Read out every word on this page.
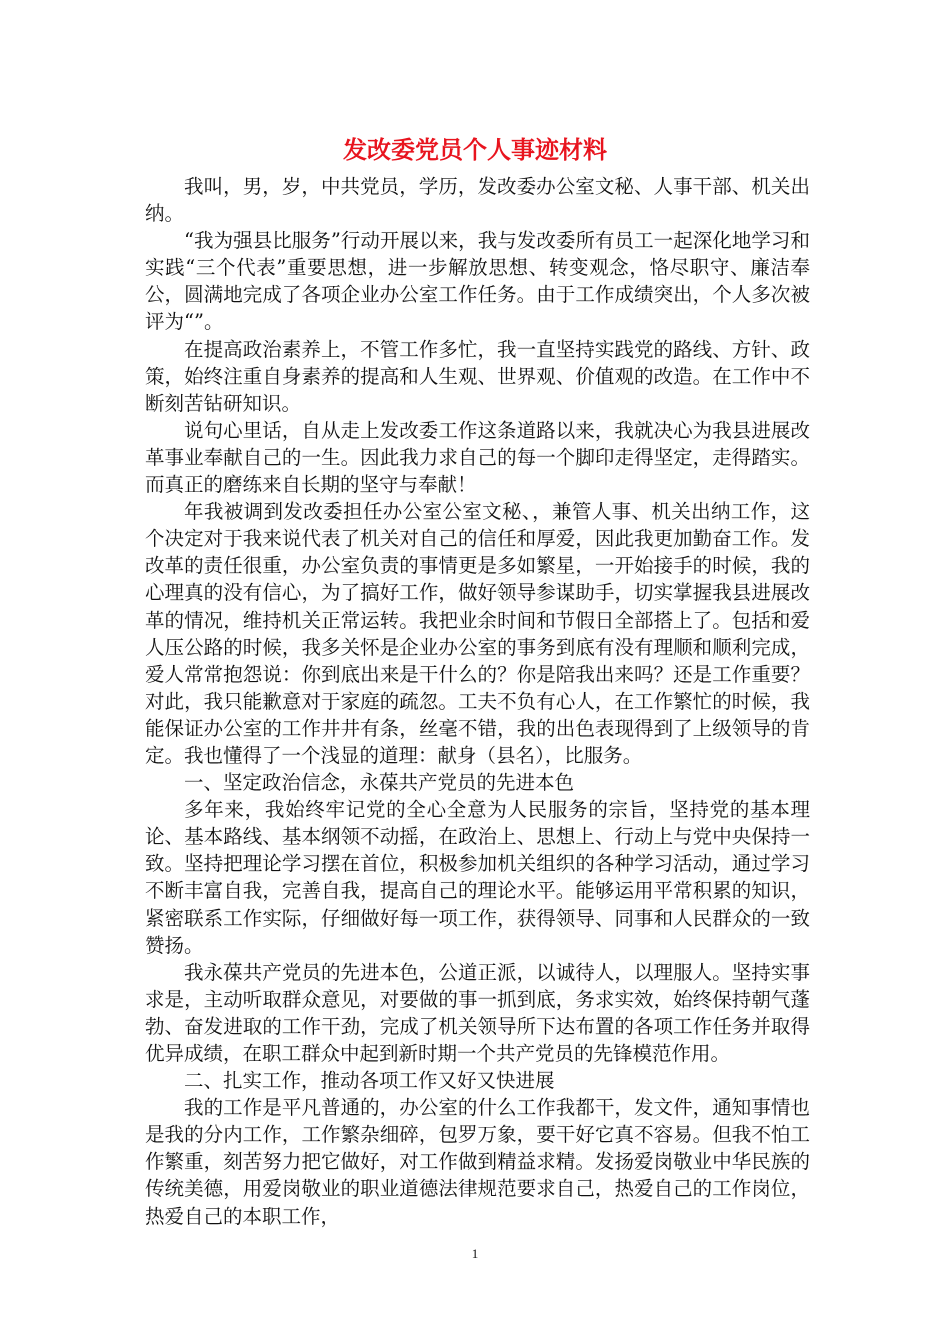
发改委党员个人事迹材料

我叫，男，岁，中共党员，学历，发改委办公室文秘、人事干部、机关出纳。

“我为强县比服务”行动开展以来，我与发改委所有员工一起深化地学习和实践“三个代表”重要思想，进一步解放思想、转变观念，恪尽职守、廉洁奉公，圆满地完成了各项企业办公室工作任务。由于工作成绩突出，个人多次被评为“”。

在提高政治素养上，不管工作多忙，我一直坚持实践党的路线、方针、政策，始终注重自身素养的提高和人生观、世界观、价值观的改造。在工作中不断刻苦钻研知识。

说句心里话，自从走上发改委工作这条道路以来，我就决心为我县进展改革事业奉献自己的一生。因此我力求自己的每一个脚印走得坚定，走得踏实。而真正的磨练来自长期的坚守与奉献！

年我被调到发改委担任办公室公室文秘、，兼管人事、机关出纳工作，这个决定对于我来说代表了机关对自己的信任和厚爱，因此我更加勤奋工作。发改革的责任很重，办公室负责的事情更是多如繁星，一开始接手的时候，我的心理真的没有信心，为了搞好工作，做好领导参谋助手，切实掌握我县进展改革的情况，维持机关正常运转。我把业余时间和节假日全部搭上了。包括和爱人压公路的时候，我多关怀是企业办公室的事务到底有没有理顺和顺利完成，爱人常常抱怨说：你到底出来是干什么的？你是陪我出来吗？还是工作重要？对此，我只能歉意对于家庭的疏忽。工夫不负有心人，在工作繁忙的时候，我能保证办公室的工作井井有条，丝毫不错，我的出色表现得到了上级领导的肯定。我也懂得了一个浅显的道理：献身（县名），比服务。

一、坚定政治信念，永葆共产党员的先进本色

多年来，我始终牢记党的全心全意为人民服务的宗旨，坚持党的基本理论、基本路线、基本纲领不动摇，在政治上、思想上、行动上与党中央保持一致。坚持把理论学习摆在首位，积极参加机关组织的各种学习活动，通过学习不断丰富自我，完善自我，提高自己的理论水平。能够运用平常积累的知识，紧密联系工作实际，仔细做好每一项工作，获得领导、同事和人民群众的一致赞扬。

我永葆共产党员的先进本色，公道正派，以诚待人，以理服人。坚持实事求是，主动听取群众意见，对要做的事一抓到底，务求实效，始终保持朝气蓬勃、奋发进取的工作干劲，完成了机关领导所下达布置的各项工作任务并取得优异成绩，在职工群众中起到新时期一个共产党员的先锋模范作用。

二、扎实工作，推动各项工作又好又快进展

我的工作是平凡普通的，办公室的什么工作我都干，发文件，通知事情也是我的分内工作，工作繁杂细碎，包罗万象，要干好它真不容易。但我不怕工作繁重，刻苦努力把它做好，对工作做到精益求精。发扬爱岗敬业中华民族的传统美德，用爱岗敬业的职业道德法律规范要求自己，热爱自己的工作岗位，热爱自己的本职工作，

1
